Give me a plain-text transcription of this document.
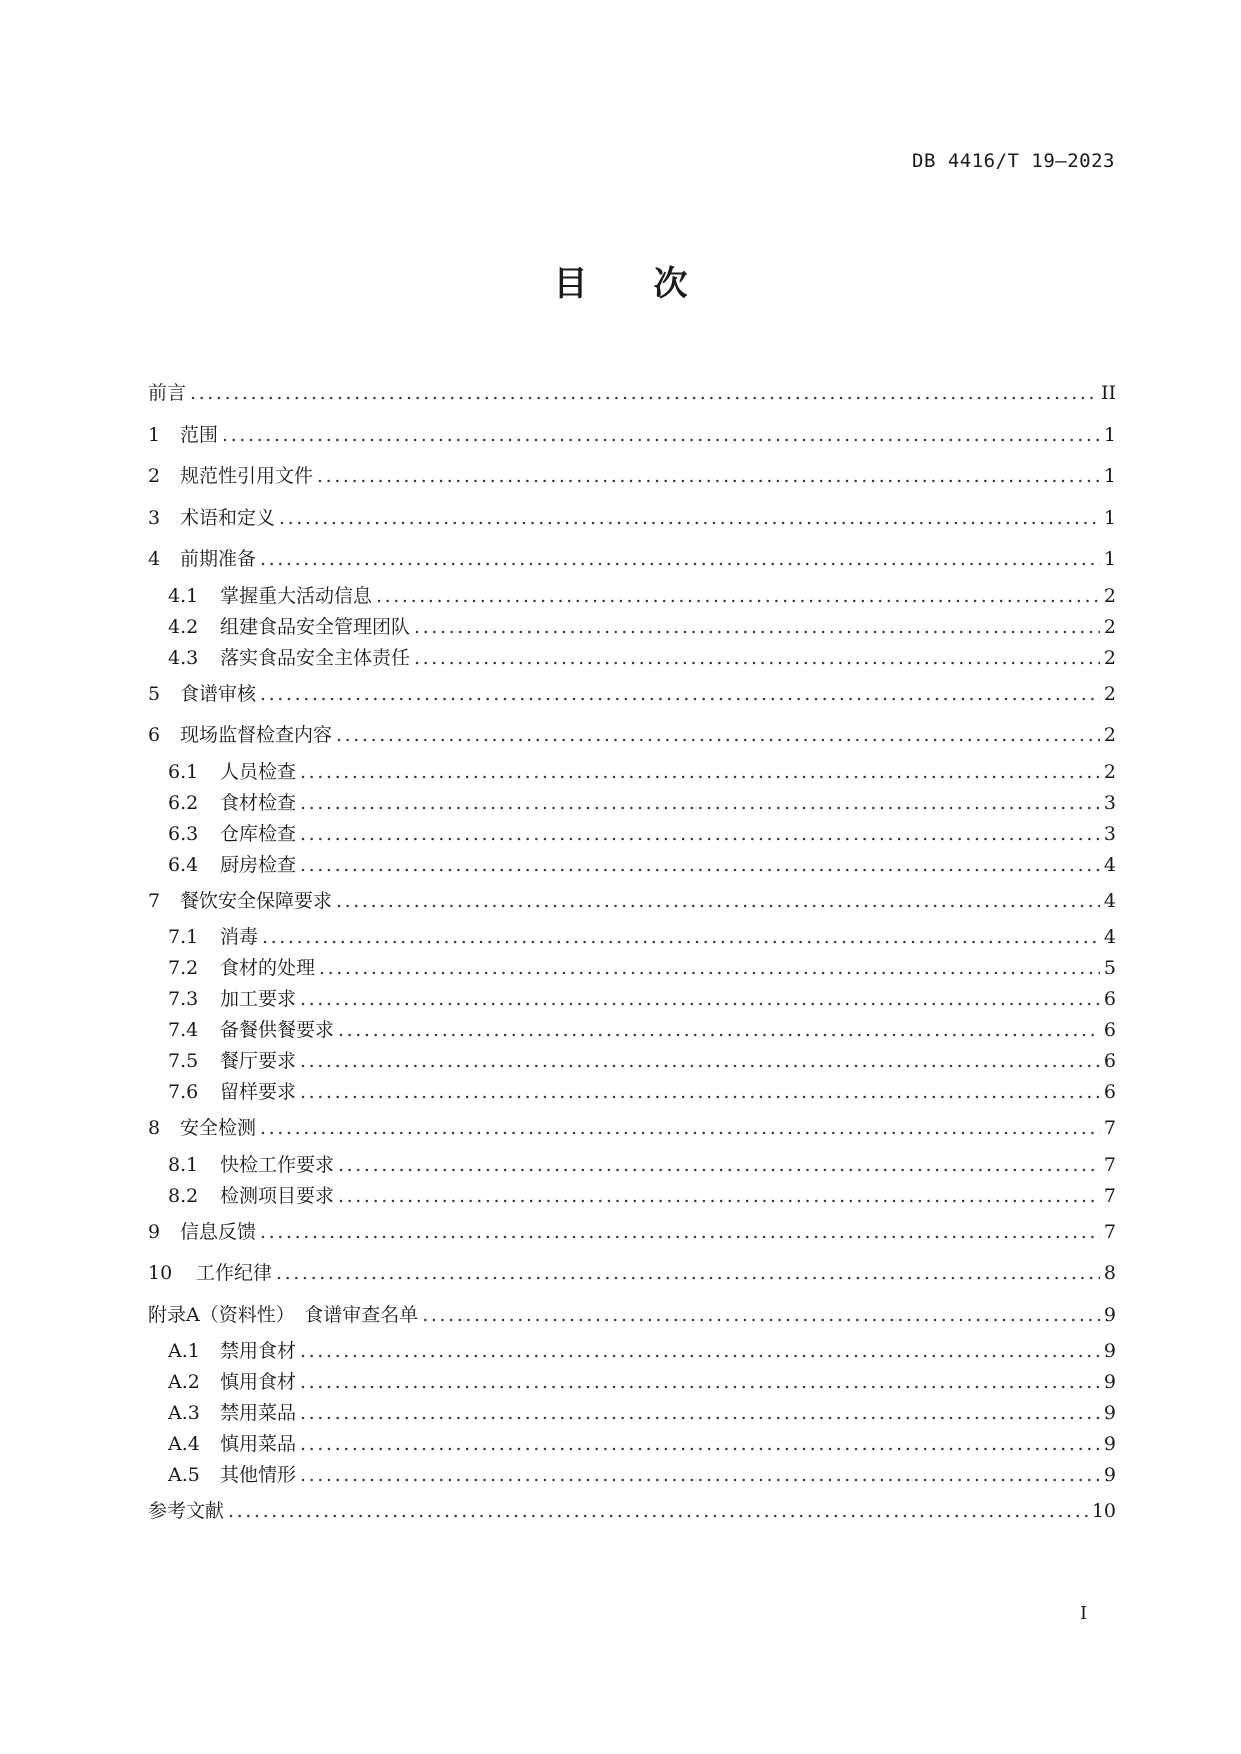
DB 4416/T 19—2023
目 次
前言 .....	II
1	范围 .....	1
2	规范性引用文件 .....	1
3	术语和定义 .....	1
4	前期准备 .....	1
4.1	掌握重大活动信息 .....	2
4.2	组建食品安全管理团队 .....	2
4.3	落实食品安全主体责任 .....	2
5	食谱审核 .....	2
6	现场监督检查内容 .....	2
6.1	人员检查 .....	2
6.2	食材检查 .....	3
6.3	仓库检查 .....	3
6.4	厨房检查 .....	4
7	餐饮安全保障要求 .....	4
7.1	消毒 .....	4
7.2	食材的处理 .....	5
7.3	加工要求 .....	6
7.4	备餐供餐要求 .....	6
7.5	餐厅要求 .....	6
7.6	留样要求 .....	6
8	安全检测 .....	7
8.1	快检工作要求 .....	7
8.2	检测项目要求 .....	7
9	信息反馈 .....	7
10	工作纪律 .....	8
附录A（资料性）　食谱审查名单 .....	9
A.1	禁用食材 .....	9
A.2	慎用食材 .....	9
A.3	禁用菜品 .....	9
A.4	慎用菜品 .....	9
A.5	其他情形 .....	9
参考文献 .....	10
I
